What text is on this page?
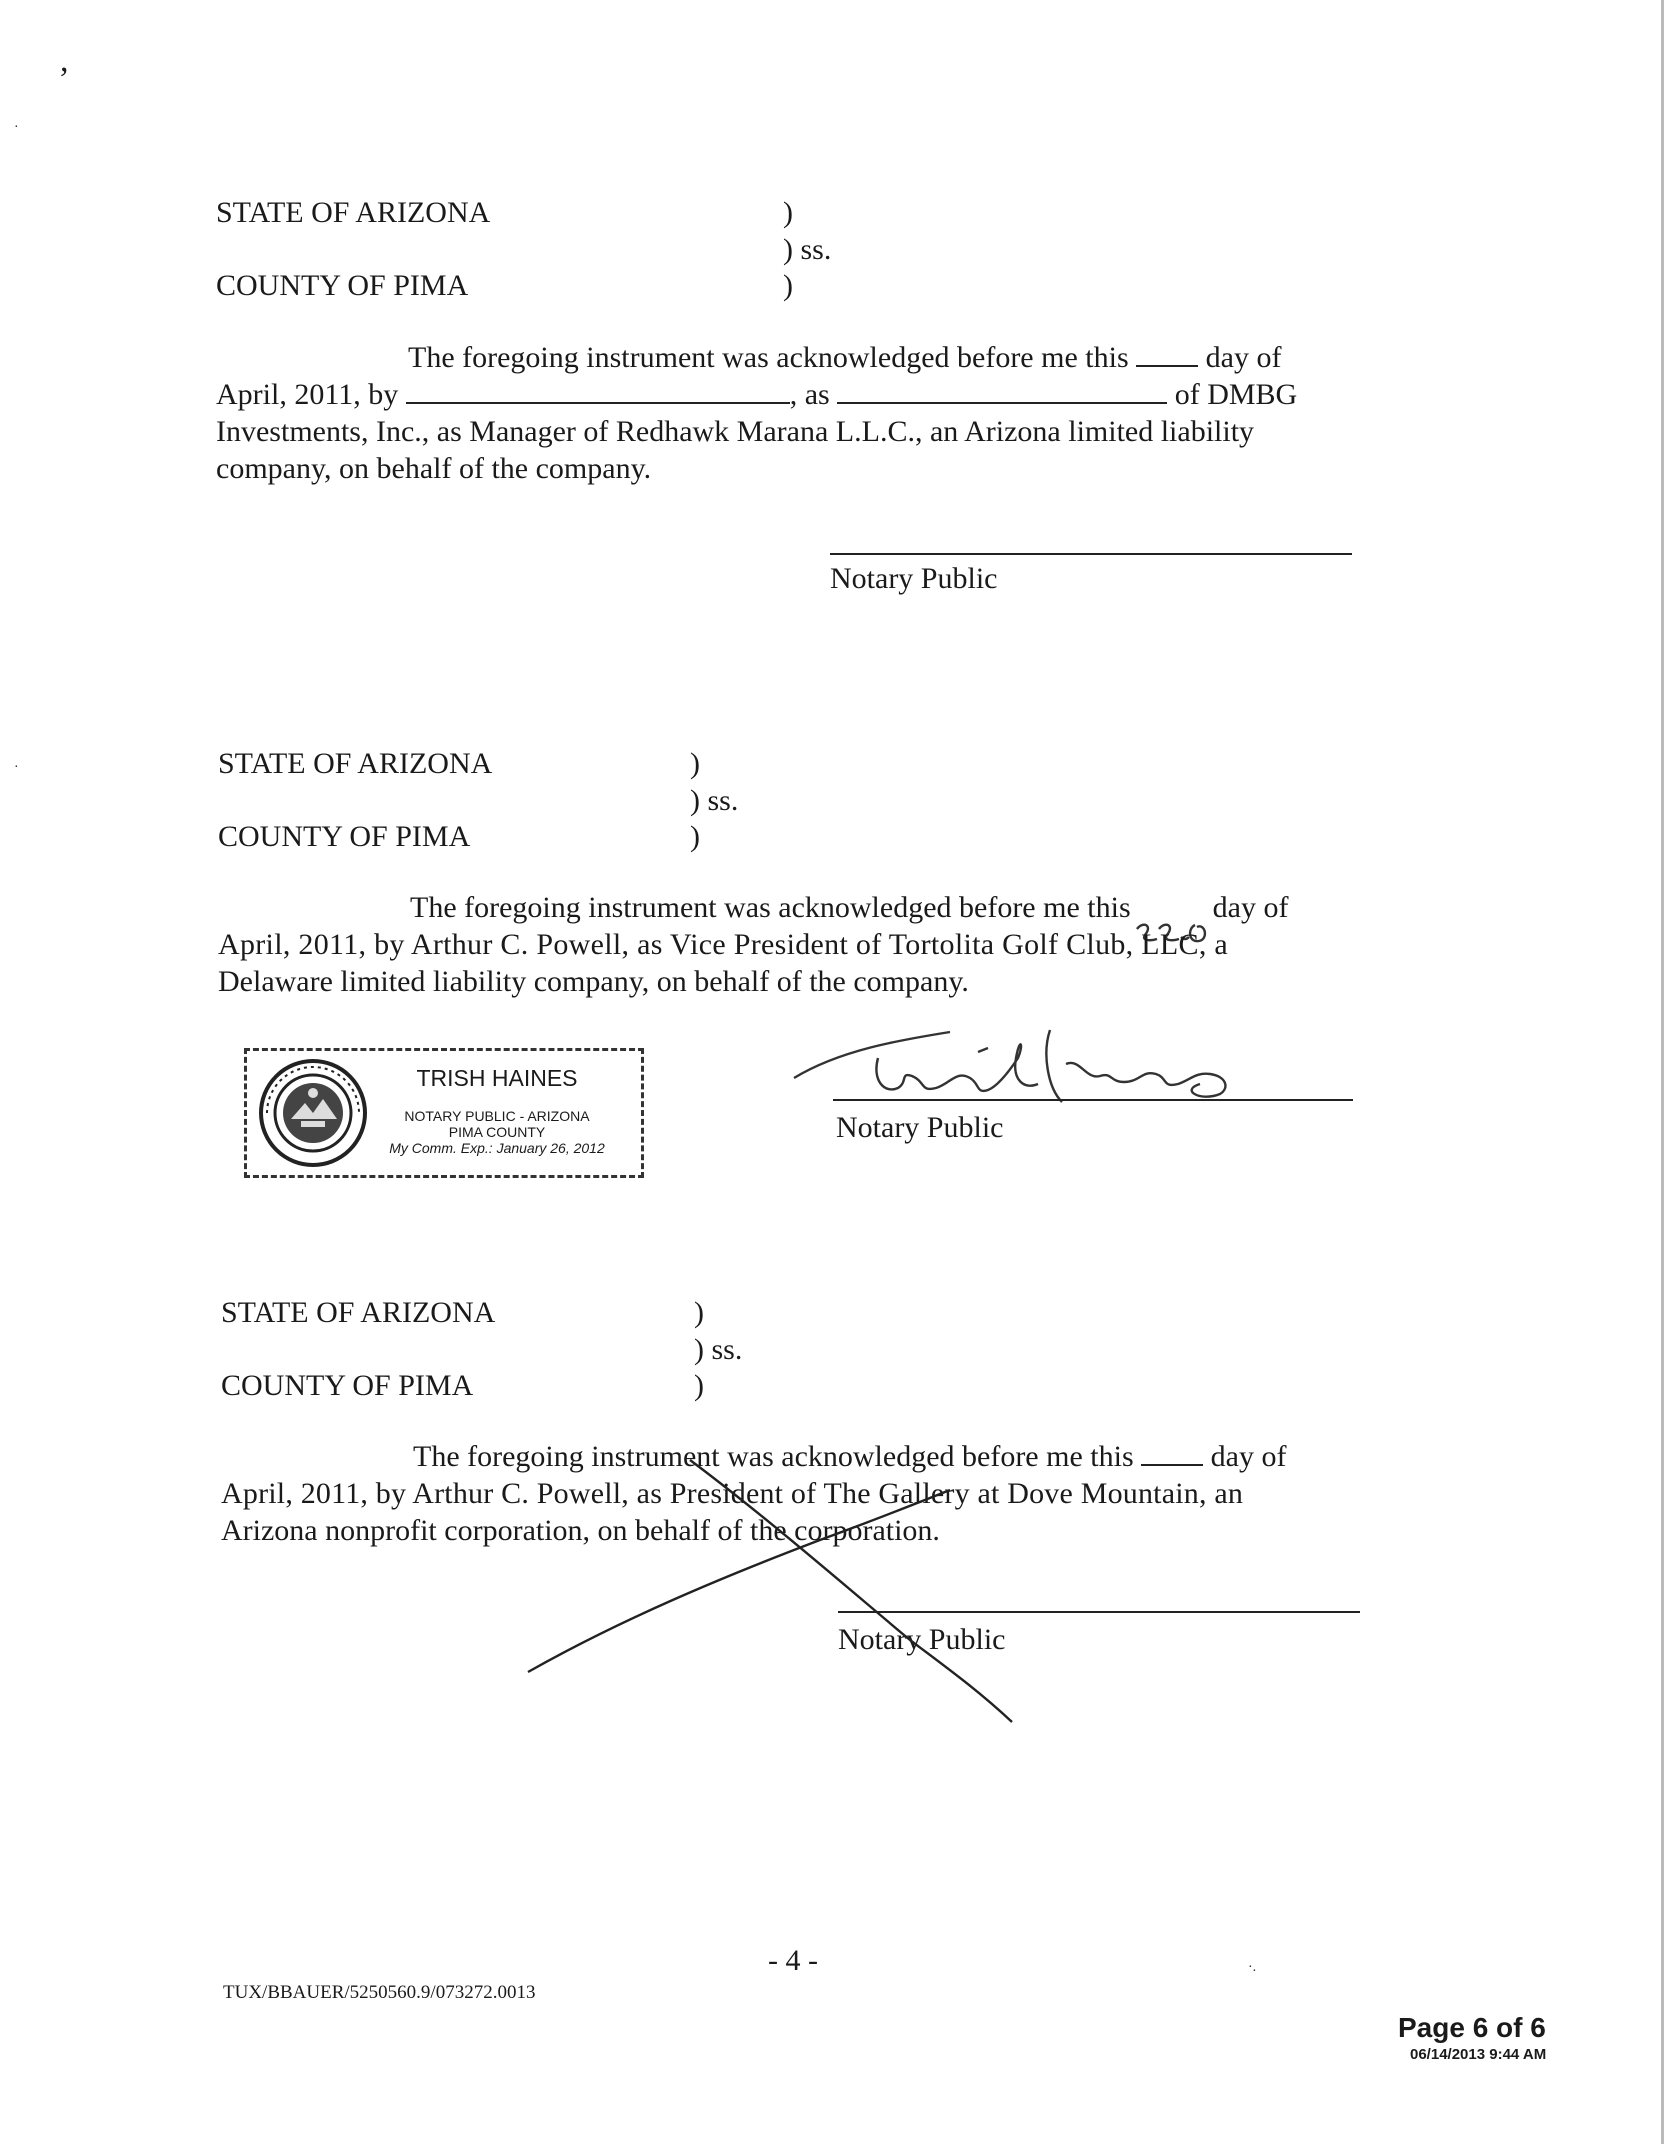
,
STATE OF ARIZONA	)
) ss.
COUNTY OF PIMA	)
The foregoing instrument was acknowledged before me this	day of
April, 2011, by	, as	of DMBG
Investments, Inc., as Manager of Redhawk Marana L.L.C., an Arizona limited liability
company, on behalf of the company.
Notary Public
STATE OF ARIZONA	)
) ss.
COUNTY OF PIMA	)
The foregoing instrument was acknowledged before me this	day of
April, 2011, by Arthur C. Powell, as Vice President of Tortolita Golf Club, LLC, a
Delaware limited liability company, on behalf of the company.
TRISH HAINES
NOTARY PUBLIC - ARIZONA
PIMA COUNTY
My Comm. Exp.: January 26, 2012
Notary Public
STATE OF ARIZONA	)
) ss.
COUNTY OF PIMA	)
The foregoing instrument was acknowledged before me this	day of
April, 2011, by Arthur C. Powell, as President of The Gallery at Dove Mountain, an
Arizona nonprofit corporation, on behalf of the corporation.
Notary Public
- 4 -
TUX/BBAUER/5250560.9/073272.0013
·.
Page 6 of 6
06/14/2013 9:44 AM
·
·
